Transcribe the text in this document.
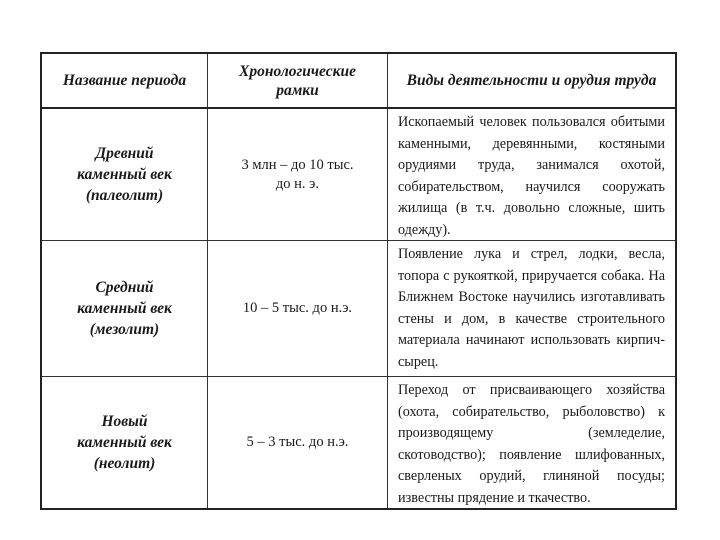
Название периода
Хронологические рамки
Виды деятельности и орудия труда
Древний
каменный век
(палеолит)
3 млн – до 10 тыс.
до н. э.
Ископаемый человек пользовался обитыми каменными, деревянными, костяными орудиями труда, занимался охотой, собирательством, научился сооружать жилища (в т.ч. довольно сложные, шить одежду).
Средний
каменный век
(мезолит)
10 – 5 тыс. до н.э.
Появление лука и стрел, лодки, весла, топора с рукояткой, приручается собака. На Ближнем Востоке научились изготавливать стены и дом, в качестве строительного материала начинают использовать кирпич-сырец.
Новый
каменный век
(неолит)
5 – 3 тыс. до н.э.
Переход от присваивающего хозяйства (охота, собирательство, рыболовство) к производящему (земледелие, скотоводство); появление шлифованных, сверленых орудий, глиняной посуды; известны прядение и ткачество.
